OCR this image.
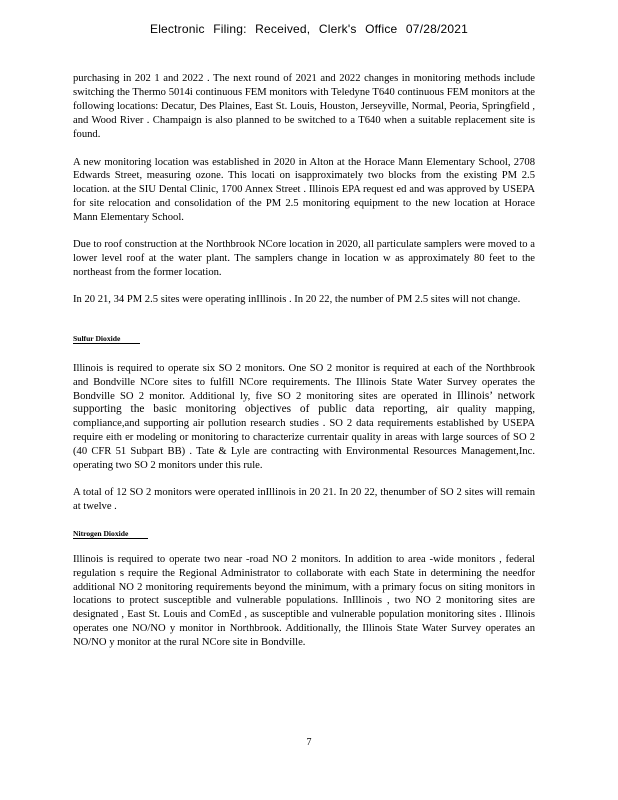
Electronic Filing: Received, Clerk's Office 07/28/2021

purchasing in 202 1 and 2022 . The next round of 2021 and 2022 changes in monitoring methods include switching the Thermo 5014i continuous FEM monitors with Teledyne T640 continuous FEM monitors at the following locations: Decatur, Des Plaines, East St. Louis, Houston, Jerseyville, Normal, Peoria, Springfield , and Wood River . Champaign is also planned to be switched to a T640 when a suitable replacement site is found.

A new monitoring location was established in 2020 in Alton at the Horace Mann Elementary School, 2708 Edwards Street, measuring ozone. This locati on isapproximately two blocks from the existing PM 2.5 location. at the SIU Dental Clinic, 1700 Annex Street . Illinois EPA request ed and was approved by USEPA for site relocation and consolidation of the PM 2.5 monitoring equipment to the new location at Horace Mann Elementary School.

Due to roof construction at the Northbrook NCore location in 2020, all particulate samplers were moved to a lower level roof at the water plant. The samplers change in location w as approximately 80 feet to the northeast from the former location.

In 20 21, 34 PM 2.5 sites were operating inIllinois . In 20 22, the number of PM 2.5 sites will not change.

Sulfur Dioxide

Illinois is required to operate six SO 2 monitors. One SO 2 monitor is required at each of the Northbrook and Bondville NCore sites to fulfill NCore requirements. The Illinois State Water Survey operates the Bondville SO 2 monitor. Additional ly, five SO 2 monitoring sites are operated in Illinois’ network supporting the basic monitoring objectives of public data reporting, air quality mapping, compliance,and supporting air pollution research studies . SO 2 data requirements established by USEPA require eith er modeling or monitoring to characterize currentair quality in areas with large sources of SO 2 (40 CFR 51 Subpart BB) . Tate & Lyle are contracting with Environmental Resources Management,Inc. operating two SO 2 monitors under this rule.

A total of 12 SO 2 monitors were operated inIllinois in 20 21. In 20 22, thenumber of SO 2 sites will remain at twelve .

Nitrogen Dioxide

Illinois is required to operate two near -road NO 2 monitors. In addition to area -wide monitors , federal regulation s require the Regional Administrator to collaborate with each State in determining the needfor additional NO 2 monitoring requirements beyond the minimum, with a primary focus on siting monitors in locations to protect susceptible and vulnerable populations. InIllinois , two NO 2 monitoring sites are designated , East St. Louis and ComEd , as susceptible and vulnerable population monitoring sites . Illinois operates one NO/NO y monitor in Northbrook. Additionally, the Illinois State Water Survey operates an NO/NO y monitor at the rural NCore site in Bondville.

7
